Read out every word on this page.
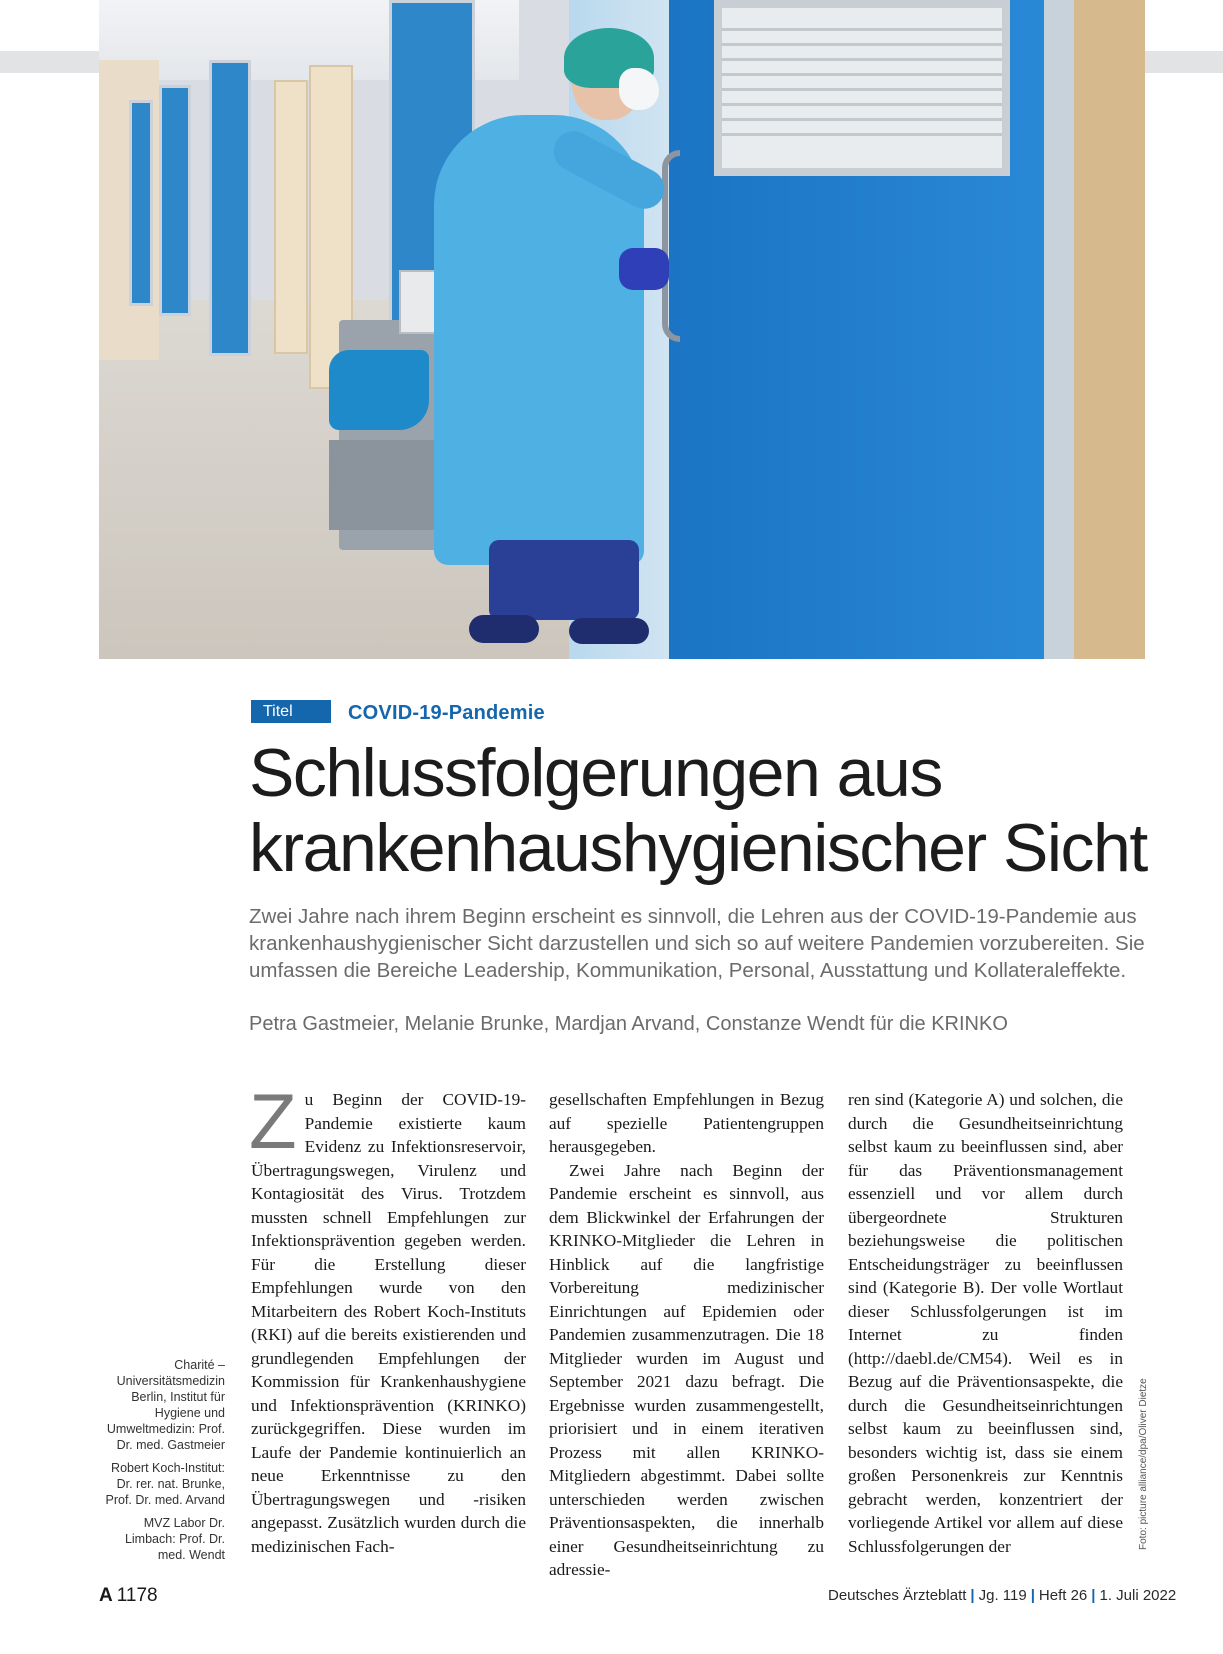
Titel	COVID-19-Pandemie
Schlussfolgerungen aus
krankenhaushygienischer Sicht

Zwei Jahre nach ihrem Beginn erscheint es sinnvoll, die Lehren aus der COVID-19-Pandemie aus krankenhaushygienischer Sicht darzustellen und sich so auf weitere Pandemien vorzubereiten. Sie umfassen die Bereiche Leadership, Kommunikation, Personal, Ausstattung und Kollateraleffekte.

Petra Gastmeier, Melanie Brunke, Mardjan Arvand, Constanze Wendt für die KRINKO

Charité – Universitätsmedizin Berlin, Institut für Hygiene und Umweltmedizin: Prof. Dr. med. Gastmeier

Robert Koch-Institut: Dr. rer. nat. Brunke, Prof. Dr. med. Arvand

MVZ Labor Dr. Limbach: Prof. Dr. med. Wendt

Zu Beginn der COVID-19-Pandemie existierte kaum Evidenz zu Infektionsreservoir, Übertragungswegen, Virulenz und Kontagiosität des Virus. Trotzdem mussten schnell Empfehlungen zur Infektionsprävention gegeben werden. Für die Erstellung dieser Empfehlungen wurde von den Mitarbeitern des Robert Koch-Instituts (RKI) auf die bereits existierenden und grundlegenden Empfehlungen der Kommission für Krankenhaushygiene und Infektionsprävention (KRINKO) zurückgegriffen. Diese wurden im Laufe der Pandemie kontinuierlich an neue Erkenntnisse zu den Übertragungswegen und -risiken angepasst. Zusätzlich wurden durch die medizinischen Fach-

gesellschaften Empfehlungen in Bezug auf spezielle Patientengruppen herausgegeben.

Zwei Jahre nach Beginn der Pandemie erscheint es sinnvoll, aus dem Blickwinkel der Erfahrungen der KRINKO-Mitglieder die Lehren in Hinblick auf die langfristige Vorbereitung medizinischer Einrichtungen auf Epidemien oder Pandemien zusammenzutragen. Die 18 Mitglieder wurden im August und September 2021 dazu befragt. Die Ergebnisse wurden zusammengestellt, priorisiert und in einem iterativen Prozess mit allen KRINKO-Mitgliedern abgestimmt. Dabei sollte unterschieden werden zwischen Präventionsaspekten, die innerhalb einer Gesundheitseinrichtung zu adressie-

ren sind (Kategorie A) und solchen, die durch die Gesundheitseinrichtung selbst kaum zu beeinflussen sind, aber für das Präventionsmanagement essenziell und vor allem durch übergeordnete Strukturen beziehungsweise die politischen Entscheidungsträger zu beeinflussen sind (Kategorie B). Der volle Wortlaut dieser Schlussfolgerungen ist im Internet zu finden (http://daebl.de/CM54). Weil es in Bezug auf die Präventionsaspekte, die durch die Gesundheitseinrichtungen selbst kaum zu beeinflussen sind, besonders wichtig ist, dass sie einem großen Personenkreis zur Kenntnis gebracht werden, konzentriert der vorliegende Artikel vor allem auf diese Schlussfolgerungen der	Foto: picture alliance/dpa/Oliver Dietze
A 1178	Deutsches Ärzteblatt | Jg. 119 | Heft 26 | 1. Juli 2022
